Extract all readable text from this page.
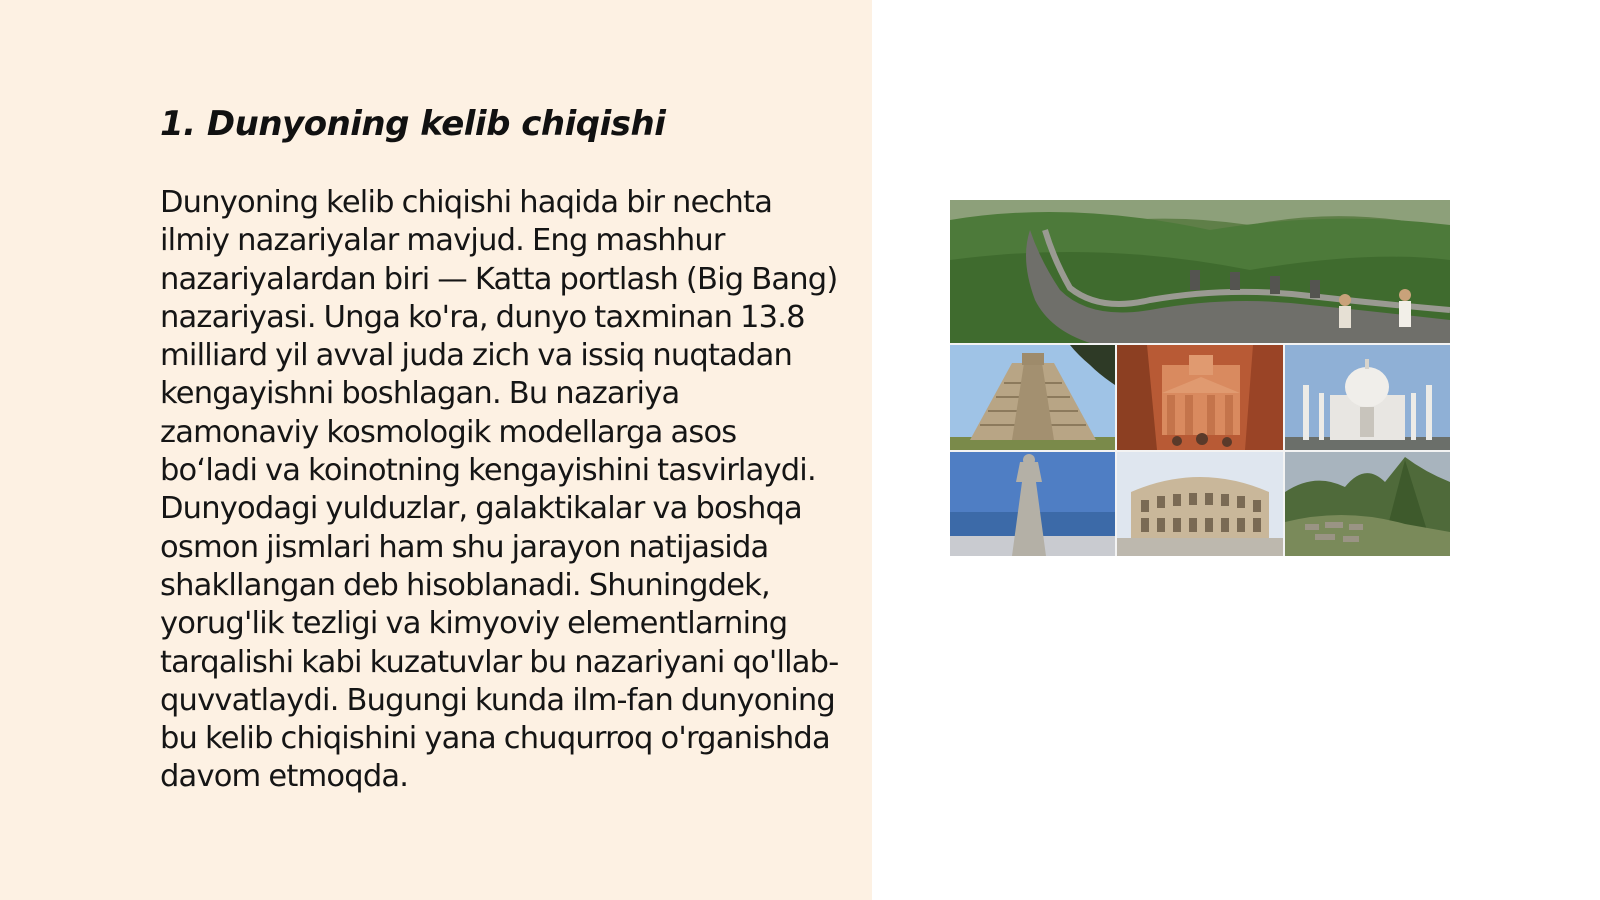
1. Dunyoning kelib chiqishi

Dunyoning kelib chiqishi haqida bir nechta ilmiy nazariyalar mavjud. Eng mashhur nazariyalardan biri — Katta portlash (Big Bang) nazariyasi. Unga ko'ra, dunyo taxminan 13.8 milliard yil avval juda zich va issiq nuqtadan kengayishni boshlagan. Bu nazariya zamonaviy kosmologik modellarga asos bo‘ladi va koinotning kengayishini tasvirlaydi. Dunyodagi yulduzlar, galaktikalar va boshqa osmon jismlari ham shu jarayon natijasida shakllangan deb hisoblanadi. Shuningdek, yorug'lik tezligi va kimyoviy elementlarning tarqalishi kabi kuzatuvlar bu nazariyani qo'llab-quvvatlaydi. Bugungi kunda ilm-fan dunyoning bu kelib chiqishini yana chuqurroq o'rganishda davom etmoqda.
